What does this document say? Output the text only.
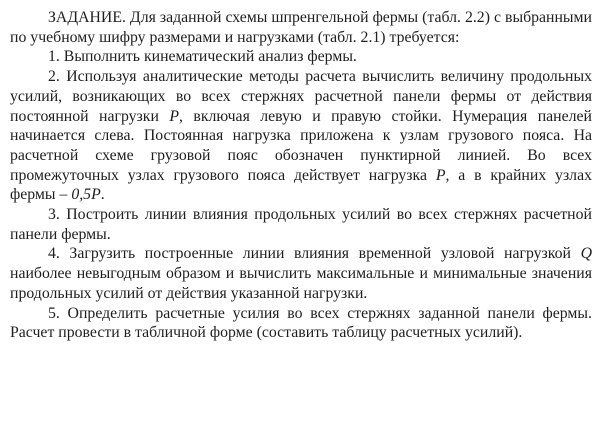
ЗАДАНИЕ. Для заданной схемы шпренгельной фермы (табл. 2.2) с выбранными по учебному шифру размерами и нагрузками (табл. 2.1) требуется:

1. Выполнить кинематический анализ фермы.

2. Используя аналитические методы расчета вычислить величину продольных усилий, возникающих во всех стержнях расчетной панели фермы от действия постоянной нагрузки P, включая левую и правую стойки. Нумерация панелей начинается слева. Постоянная нагрузка приложена к узлам грузового пояса. На расчетной схеме грузовой пояс обозначен пунктирной линией. Во всех промежуточных узлах грузового пояса действует нагрузка P, а в крайних узлах фермы – 0,5P.

3. Построить линии влияния продольных усилий во всех стержнях расчетной панели фермы.

4. Загрузить построенные линии влияния временной узловой нагрузкой Q наиболее невыгодным образом и вычислить максимальные и минимальные значения продольных усилий от действия указанной нагрузки.

5. Определить расчетные усилия во всех стержнях заданной панели фермы. Расчет провести в табличной форме (составить таблицу расчетных усилий).
